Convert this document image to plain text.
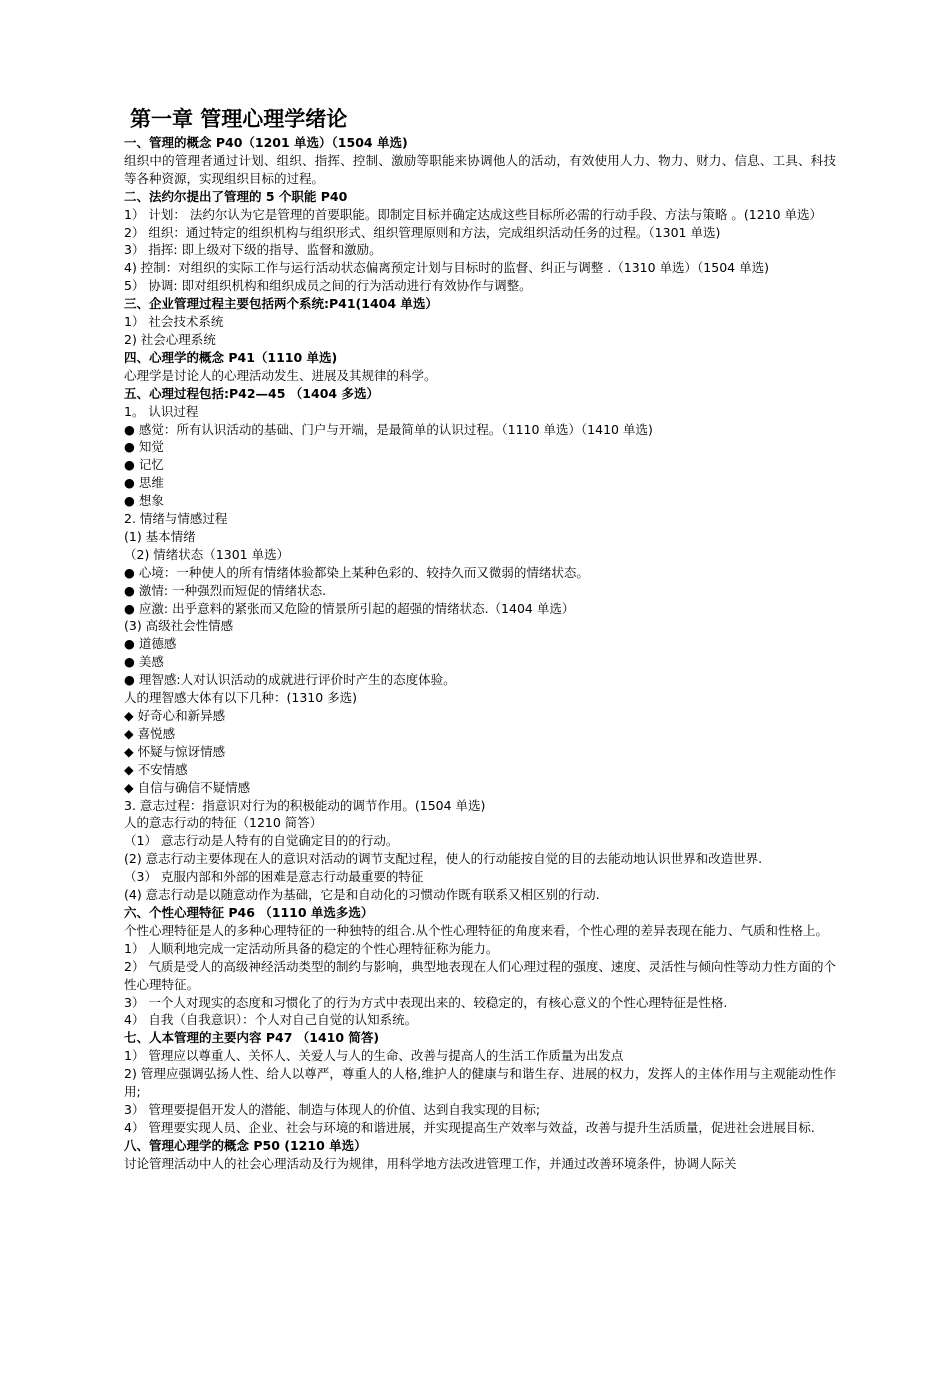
第一章 管理心理学绪论
一、管理的概念 P40（1201 单选）（1504 单选)
组织中的管理者通过计划、组织、指挥、控制、激励等职能来协调他人的活动，有效使用人力、物力、财力、信息、工具、科技等各种资源，实现组织目标的过程。
二、法约尔提出了管理的 5 个职能 P40
1） 计划： 法约尔认为它是管理的首要职能。即制定目标并确定达成这些目标所必需的行动手段、方法与策略 。(1210 单选）
2） 组织：通过特定的组织机构与组织形式、组织管理原则和方法，完成组织活动任务的过程。（1301 单选)
3） 指挥: 即上级对下级的指导、监督和激励。
4) 控制：对组织的实际工作与运行活动状态偏离预定计划与目标时的监督、纠正与调整 .（1310 单选）（1504 单选)
5） 协调: 即对组织机构和组织成员之间的行为活动进行有效协作与调整。
三、企业管理过程主要包括两个系统:P41(1404 单选）
1） 社会技术系统
2) 社会心理系统
四、心理学的概念 P41（1110 单选)
心理学是讨论人的心理活动发生、进展及其规律的科学。
五、心理过程包括:P42—45 （1404 多选）
1。 认识过程
● 感觉：所有认识活动的基础、门户与开端，是最简单的认识过程。（1110 单选）（1410 单选)
● 知觉
● 记忆
● 思维
● 想象
2. 情绪与情感过程
(1) 基本情绪
（2) 情绪状态（1301 单选）
● 心境：一种使人的所有情绪体验都染上某种色彩的、较持久而又微弱的情绪状态。
● 激情: 一种强烈而短促的情绪状态.
● 应激: 出乎意料的紧张而又危险的情景所引起的超强的情绪状态.（1404 单选）
(3) 高级社会性情感
● 道德感
● 美感
● 理智感:人对认识活动的成就进行评价时产生的态度体验。
人的理智感大体有以下几种：(1310 多选)
◆ 好奇心和新异感
◆ 喜悦感
◆ 怀疑与惊讶情感
◆ 不安情感
◆ 自信与确信不疑情感
3. 意志过程：指意识对行为的积极能动的调节作用。(1504 单选)
人的意志行动的特征（1210 简答）
（1） 意志行动是人特有的自觉确定目的的行动。
(2) 意志行动主要体现在人的意识对活动的调节支配过程，使人的行动能按自觉的目的去能动地认识世界和改造世界.
（3） 克服内部和外部的困难是意志行动最重要的特征
(4) 意志行动是以随意动作为基础，它是和自动化的习惯动作既有联系又相区别的行动.
六、个性心理特征 P46 （1110 单选多选）
个性心理特征是人的多种心理特征的一种独特的组合.从个性心理特征的角度来看，个性心理的差异表现在能力、气质和性格上。
1） 人顺利地完成一定活动所具备的稳定的个性心理特征称为能力。
2） 气质是受人的高级神经活动类型的制约与影响，典型地表现在人们心理过程的强度、速度、灵活性与倾向性等动力性方面的个性心理特征。
3） 一个人对现实的态度和习惯化了的行为方式中表现出来的、较稳定的，有核心意义的个性心理特征是性格.
4） 自我（自我意识）：个人对自己自觉的认知系统。
七、人本管理的主要内容 P47 （1410 简答)
1） 管理应以尊重人、关怀人、关爱人与人的生命、改善与提高人的生活工作质量为出发点
2) 管理应强调弘扬人性、给人以尊严，尊重人的人格,维护人的健康与和谐生存、进展的权力，发挥人的主体作用与主观能动性作用;
3） 管理要提倡开发人的潜能、制造与体现人的价值、达到自我实现的目标;
4） 管理要实现人员、企业、社会与环境的和谐进展，并实现提高生产效率与效益，改善与提升生活质量，促进社会进展目标.
八、管理心理学的概念 P50 (1210 单选）
讨论管理活动中人的社会心理活动及行为规律，用科学地方法改进管理工作，并通过改善环境条件，协调人际关
